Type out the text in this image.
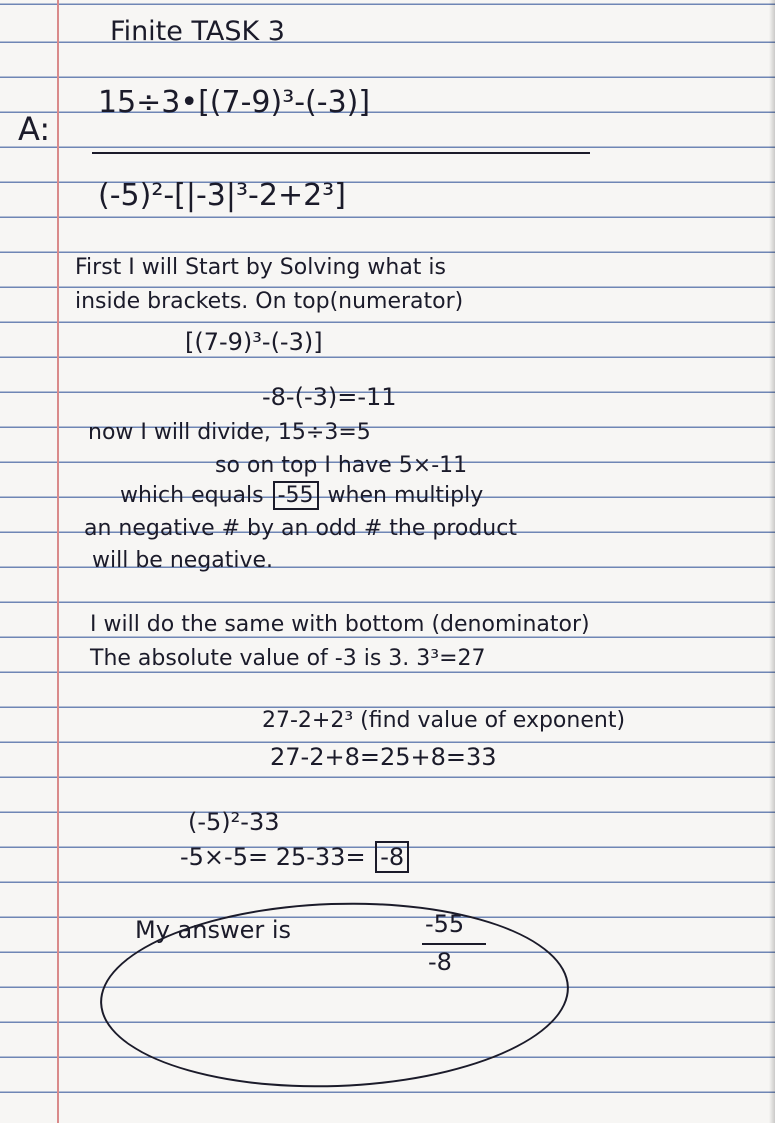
Finite TASK 3
A:
15÷3•[(7-9)³-(-3)]
(-5)²-[|-3|³-2+2³]
First I will Start by Solving what is
inside brackets. On top(numerator)
[(7-9)³-(-3)]
-8-(-3)=-11
now I will divide, 15÷3=5
so on top I have 5×-11
which equals -55 when multiply
an negative # by an odd # the product
will be negative.
I will do the same with bottom (denominator)
The absolute value of -3 is 3. 3³=27
27-2+2³ (find value of exponent)
27-2+8=25+8=33
(-5)²-33
-5×-5= 25-33= -8
My answer is	-55
-8
